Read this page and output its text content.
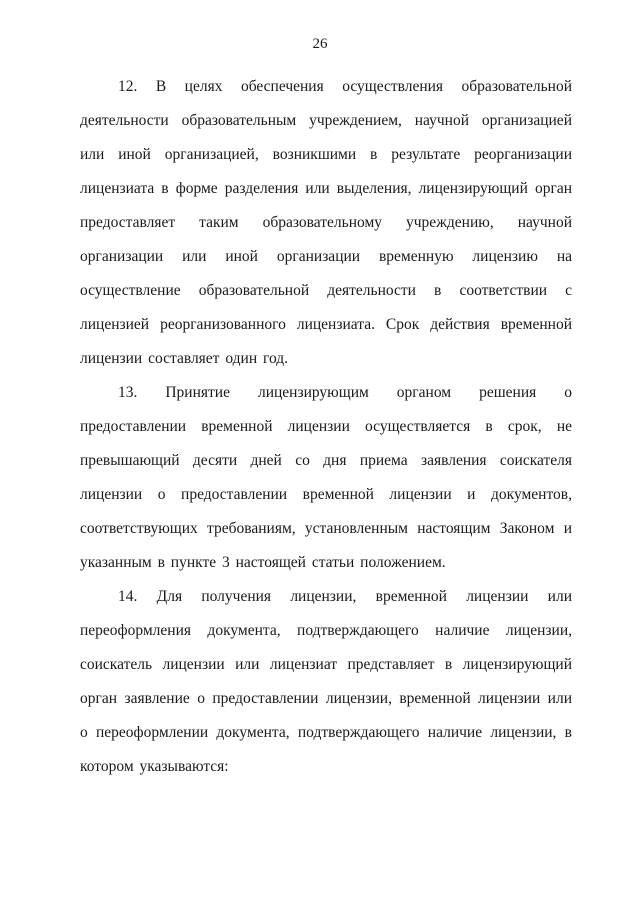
26

12. В целях обеспечения осуществления образовательной деятельности образовательным учреждением, научной организацией или иной организацией, возникшими в результате реорганизации лицензиата в форме разделения или выделения, лицензирующий орган предоставляет таким образовательному учреждению, научной организации или иной организации временную лицензию на осуществление образовательной деятельности в соответствии с лицензией реорганизованного лицензиата. Срок действия временной лицензии составляет один год.

13. Принятие лицензирующим органом решения о предоставлении временной лицензии осуществляется в срок, не превышающий десяти дней со дня приема заявления соискателя лицензии о предоставлении временной лицензии и документов, соответствующих требованиям, установленным настоящим Законом и указанным в пункте 3 настоящей статьи положением.

14. Для получения лицензии, временной лицензии или переоформления документа, подтверждающего наличие лицензии, соискатель лицензии или лицензиат представляет в лицензирующий орган заявление о предоставлении лицензии, временной лицензии или о переоформлении документа, подтверждающего наличие лицензии, в котором указываются:
